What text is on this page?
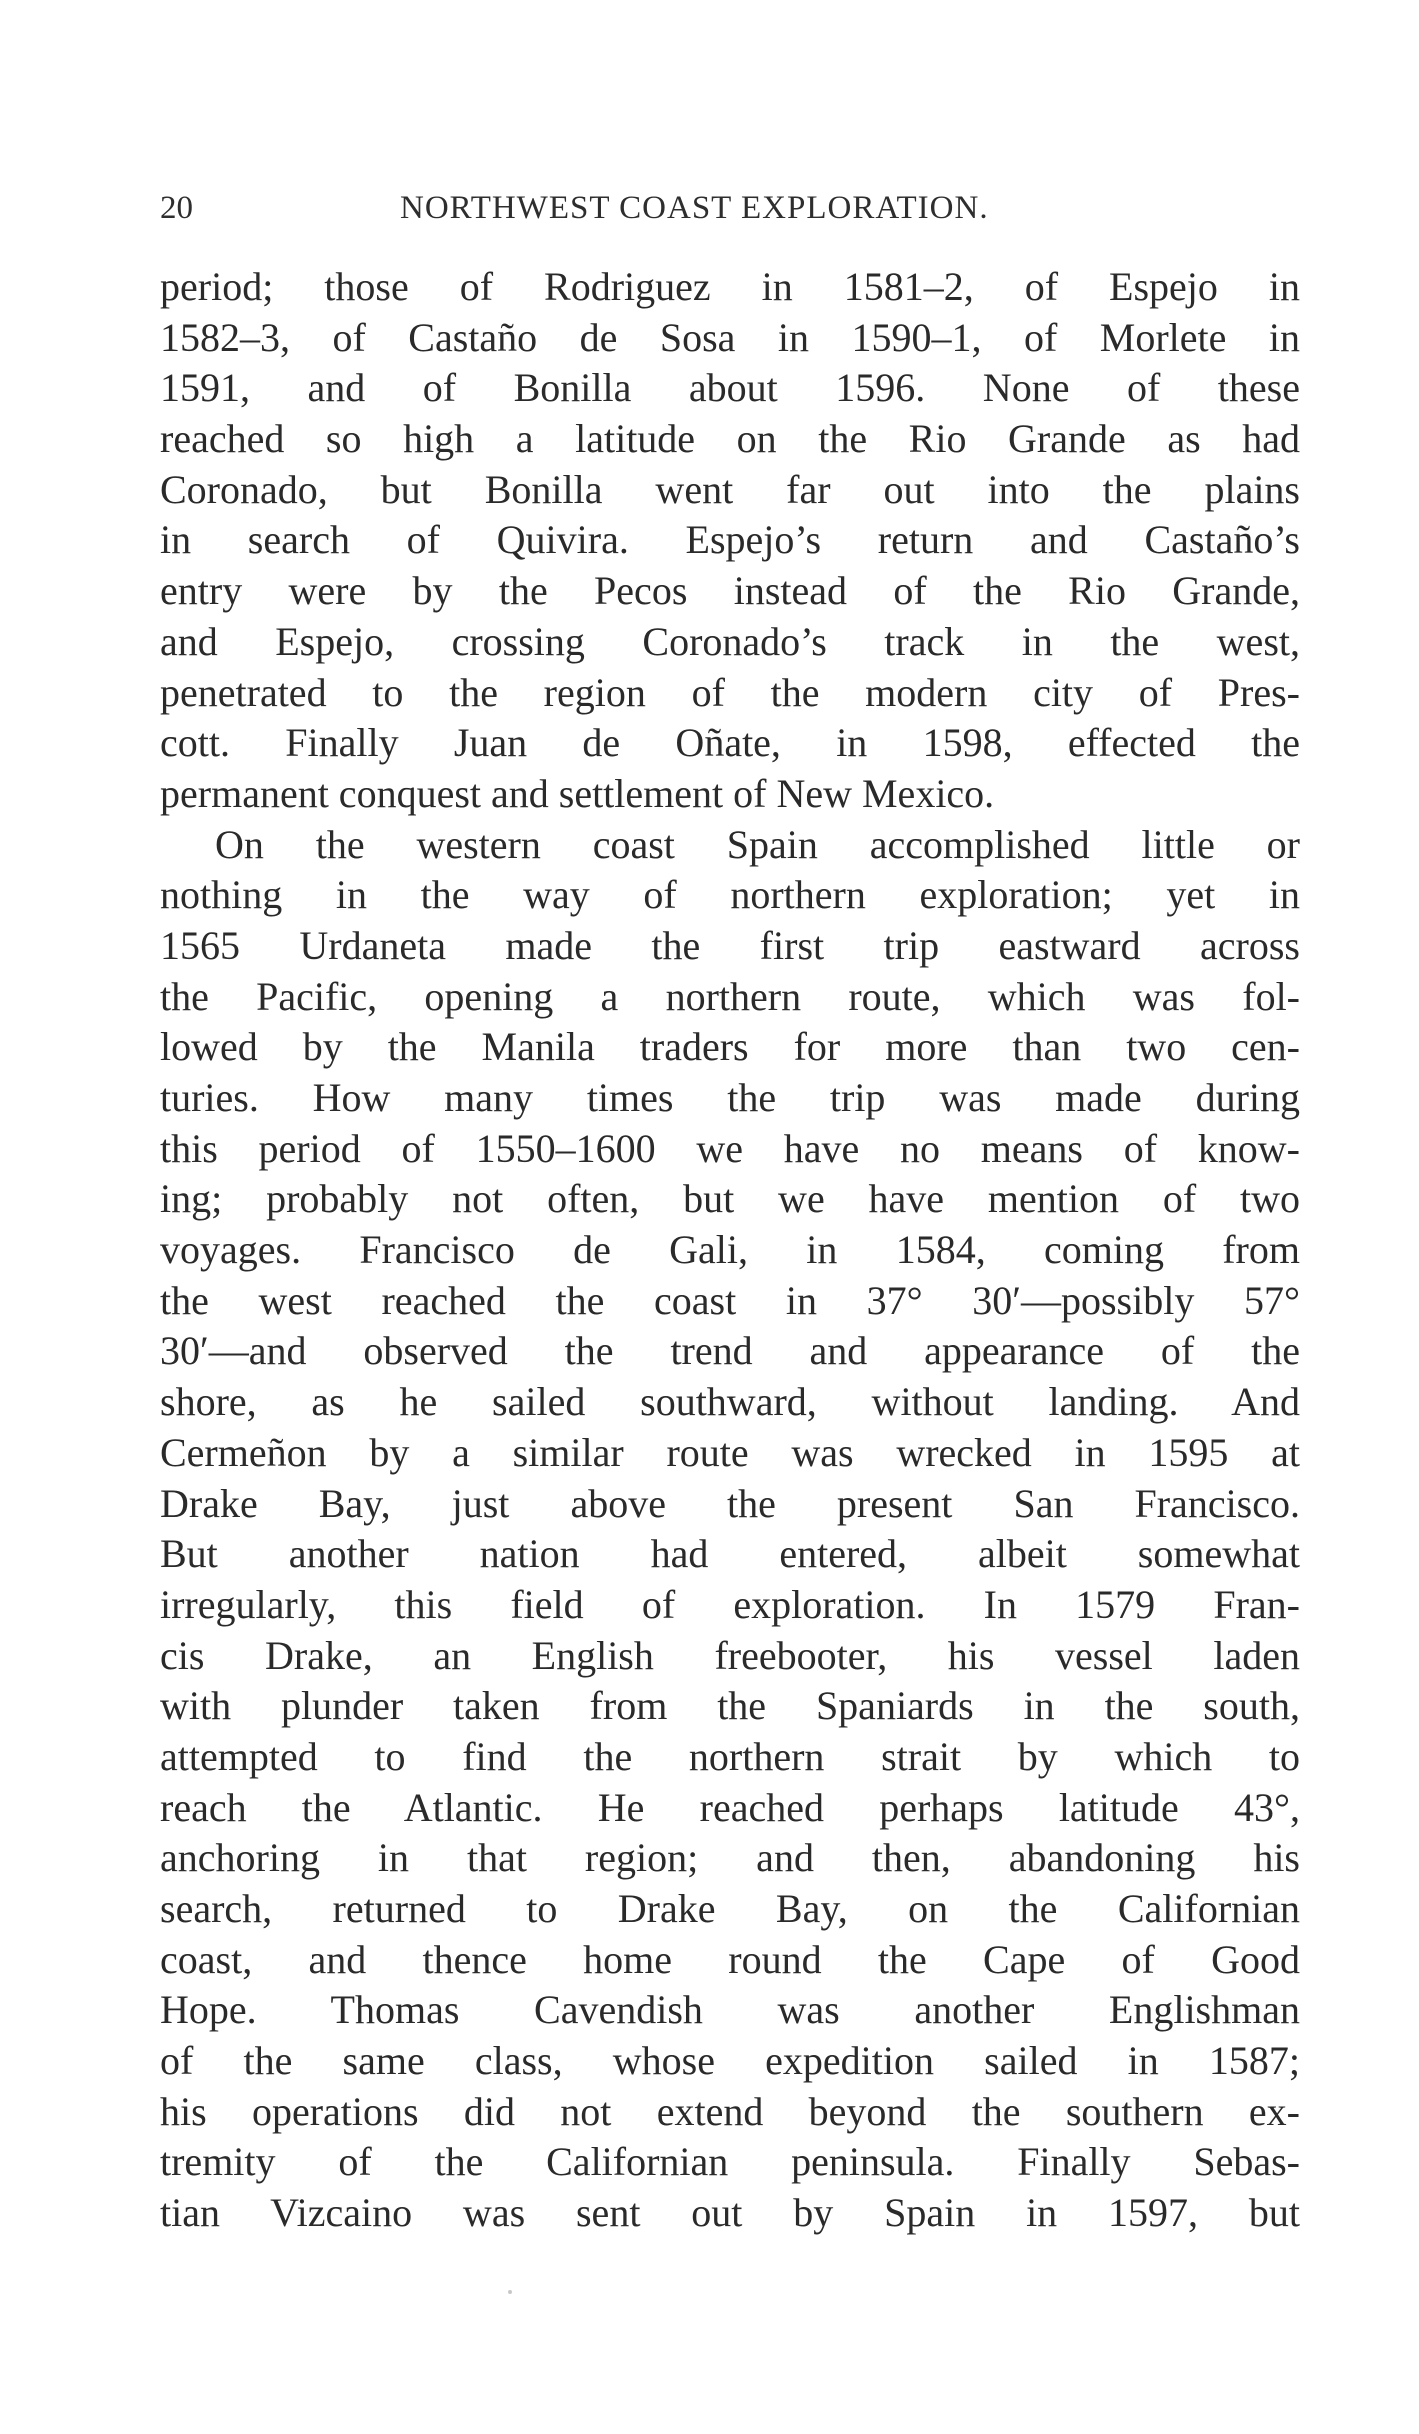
20	NORTHWEST COAST EXPLORATION.
period; those of Rodriguez in 1581–2, of Espejo in
1582–3, of Castaño de Sosa in 1590–1, of Morlete in
1591, and of Bonilla about 1596. None of these
reached so high a latitude on the Rio Grande as had
Coronado, but Bonilla went far out into the plains
in search of Quivira. Espejo’s return and Castaño’s
entry were by the Pecos instead of the Rio Grande,
and Espejo, crossing Coronado’s track in the west,
penetrated to the region of the modern city of Pres-
cott. Finally Juan de Oñate, in 1598, effected the
permanent conquest and settlement of New Mexico.
On the western coast Spain accomplished little or
nothing in the way of northern exploration; yet in
1565 Urdaneta made the first trip eastward across
the Pacific, opening a northern route, which was fol-
lowed by the Manila traders for more than two cen-
turies. How many times the trip was made during
this period of 1550–1600 we have no means of know-
ing; probably not often, but we have mention of two
voyages. Francisco de Gali, in 1584, coming from
the west reached the coast in 37° 30′—possibly 57°
30′—and observed the trend and appearance of the
shore, as he sailed southward, without landing. And
Cermeñon by a similar route was wrecked in 1595 at
Drake Bay, just above the present San Francisco.
But another nation had entered, albeit somewhat
irregularly, this field of exploration. In 1579 Fran-
cis Drake, an English freebooter, his vessel laden
with plunder taken from the Spaniards in the south,
attempted to find the northern strait by which to
reach the Atlantic. He reached perhaps latitude 43°,
anchoring in that region; and then, abandoning his
search, returned to Drake Bay, on the Californian
coast, and thence home round the Cape of Good
Hope. Thomas Cavendish was another Englishman
of the same class, whose expedition sailed in 1587;
his operations did not extend beyond the southern ex-
tremity of the Californian peninsula. Finally Sebas-
tian Vizcaino was sent out by Spain in 1597, but
